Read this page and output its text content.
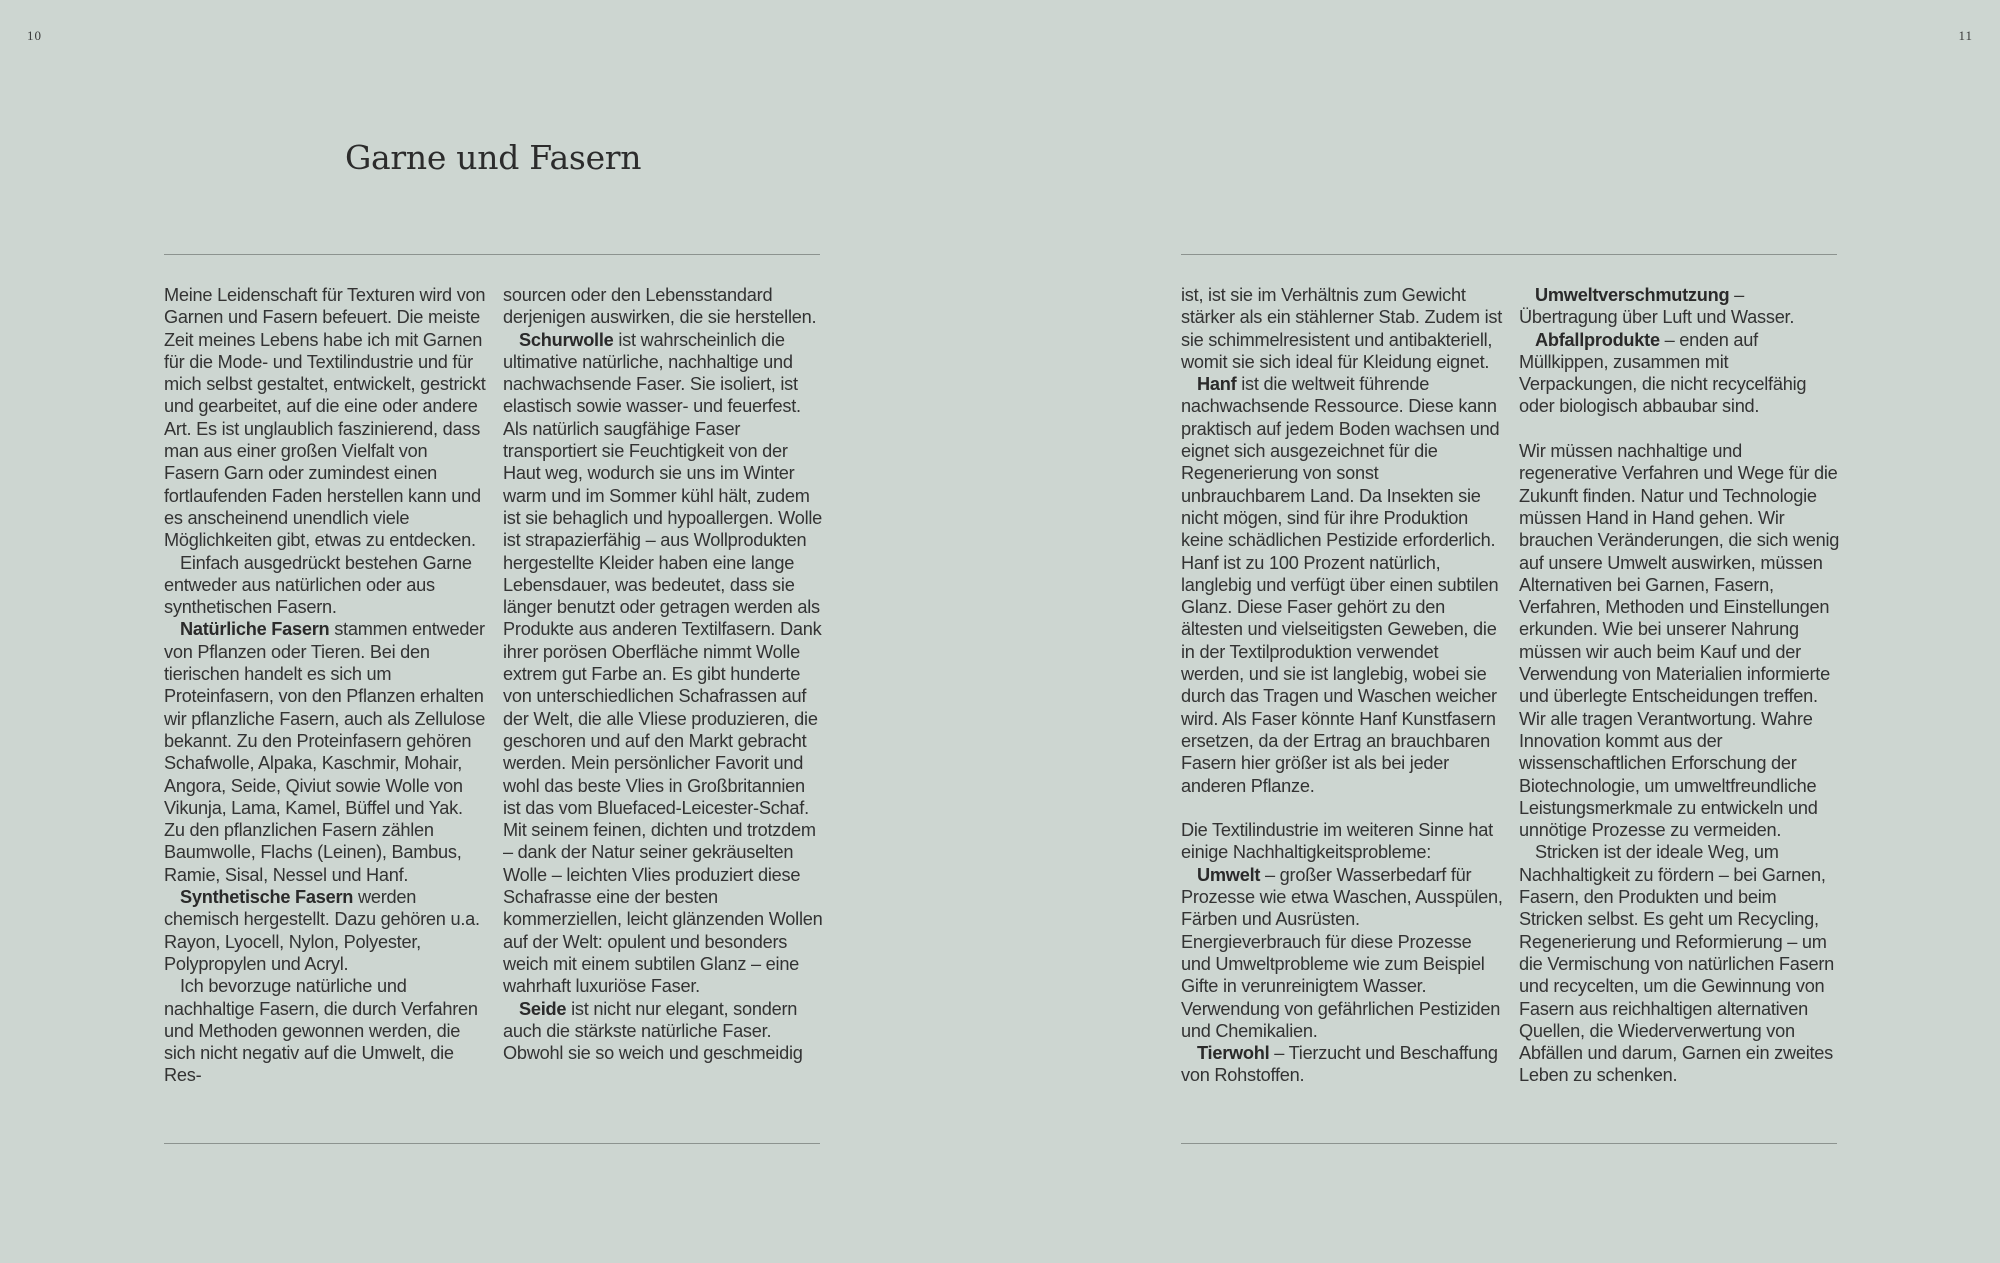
10	11
Garne und Fasern

Meine Leidenschaft für Texturen wird von Garnen und Fasern befeuert. Die meiste Zeit meines Lebens habe ich mit Garnen für die Mode- und Textilindustrie und für mich selbst gestaltet, entwickelt, gestrickt und gearbeitet, auf die eine oder andere Art. Es ist unglaublich faszinierend, dass man aus einer großen Vielfalt von Fasern Garn oder zumindest einen fortlaufenden Faden herstellen kann und es anscheinend unendlich viele Möglichkeiten gibt, etwas zu entdecken.

Einfach ausgedrückt bestehen Garne entweder aus natürlichen oder aus synthetischen Fasern.

Natürliche Fasern stammen entweder von Pflanzen oder Tieren. Bei den tierischen handelt es sich um Proteinfasern, von den Pflanzen erhalten wir pflanzliche Fasern, auch als Zellulose bekannt. Zu den Proteinfasern gehören Schafwolle, Alpaka, Kaschmir, Mohair, Angora, Seide, Qiviut sowie Wolle von Vikunja, Lama, Kamel, Büffel und Yak. Zu den pflanzlichen Fasern zählen Baumwolle, Flachs (Leinen), Bambus, Ramie, Sisal, Nessel und Hanf.

Synthetische Fasern werden chemisch hergestellt. Dazu gehören u.a. Rayon, Lyocell, Nylon, Polyester, Polypropylen und Acryl.

Ich bevorzuge natürliche und nachhaltige Fasern, die durch Verfahren und Methoden gewonnen werden, die sich nicht negativ auf die Umwelt, die Res-

sourcen oder den Lebensstandard derjenigen auswirken, die sie herstellen.

Schurwolle ist wahrscheinlich die ultimative natürliche, nachhaltige und nachwachsende Faser. Sie isoliert, ist elastisch sowie wasser- und feuerfest. Als natürlich saugfähige Faser transportiert sie Feuchtigkeit von der Haut weg, wodurch sie uns im Winter warm und im Sommer kühl hält, zudem ist sie behaglich und hypoallergen. Wolle ist strapazierfähig – aus Wollprodukten hergestellte Kleider haben eine lange Lebensdauer, was bedeutet, dass sie länger benutzt oder getragen werden als Produkte aus anderen Textilfasern. Dank ihrer porösen Oberfläche nimmt Wolle extrem gut Farbe an. Es gibt hunderte von unterschiedlichen Schafrassen auf der Welt, die alle Vliese produzieren, die geschoren und auf den Markt gebracht werden. Mein persönlicher Favorit und wohl das beste Vlies in Großbritannien ist das vom Bluefaced-Leicester-Schaf. Mit seinem feinen, dichten und trotzdem – dank der Natur seiner gekräuselten Wolle – leichten Vlies produziert diese Schafrasse eine der besten kommerziellen, leicht glänzenden Wollen auf der Welt: opulent und besonders weich mit einem subtilen Glanz – eine wahrhaft luxuriöse Faser.

Seide ist nicht nur elegant, sondern auch die stärkste natürliche Faser. Obwohl sie so weich und geschmeidig

ist, ist sie im Verhältnis zum Gewicht stärker als ein stählerner Stab. Zudem ist sie schimmelresistent und antibakteriell, womit sie sich ideal für Kleidung eignet.

Hanf ist die weltweit führende nachwachsende Ressource. Diese kann praktisch auf jedem Boden wachsen und eignet sich ausgezeichnet für die Regenerierung von sonst unbrauchbarem Land. Da Insekten sie nicht mögen, sind für ihre Produktion keine schädlichen Pestizide erforderlich. Hanf ist zu 100 Prozent natürlich, langlebig und verfügt über einen subtilen Glanz. Diese Faser gehört zu den ältesten und vielseitigsten Geweben, die in der Textilproduktion verwendet werden, und sie ist langlebig, wobei sie durch das Tragen und Waschen weicher wird. Als Faser könnte Hanf Kunstfasern ersetzen, da der Ertrag an brauchbaren Fasern hier größer ist als bei jeder anderen Pflanze.

Die Textilindustrie im weiteren Sinne hat einige Nachhaltigkeitsprobleme:

Umwelt – großer Wasserbedarf für Prozesse wie etwa Waschen, Ausspülen, Färben und Ausrüsten. Energieverbrauch für diese Prozesse und Umweltprobleme wie zum Beispiel Gifte in verunreinigtem Wasser. Verwendung von gefährlichen Pestiziden und Chemikalien.

Tierwohl – Tierzucht und Beschaffung von Rohstoffen.

Umweltverschmutzung – Übertragung über Luft und Wasser.

Abfallprodukte – enden auf Müllkippen, zusammen mit Verpackungen, die nicht recycelfähig oder biologisch abbaubar sind.

Wir müssen nachhaltige und regenerative Verfahren und Wege für die Zukunft finden. Natur und Technologie müssen Hand in Hand gehen. Wir brauchen Veränderungen, die sich wenig auf unsere Umwelt auswirken, müssen Alternativen bei Garnen, Fasern, Verfahren, Methoden und Einstellungen erkunden. Wie bei unserer Nahrung müssen wir auch beim Kauf und der Verwendung von Materialien informierte und überlegte Entscheidungen treffen. Wir alle tragen Verantwortung. Wahre Innovation kommt aus der wissenschaftlichen Erforschung der Biotechnologie, um umweltfreundliche Leistungsmerkmale zu entwickeln und unnötige Prozesse zu vermeiden.

Stricken ist der ideale Weg, um Nachhaltigkeit zu fördern – bei Garnen, Fasern, den Produkten und beim Stricken selbst. Es geht um Recycling, Regenerierung und Reformierung – um die Vermischung von natürlichen Fasern und recycelten, um die Gewinnung von Fasern aus reichhaltigen alternativen Quellen, die Wiederverwertung von Abfällen und darum, Garnen ein zweites Leben zu schenken.
